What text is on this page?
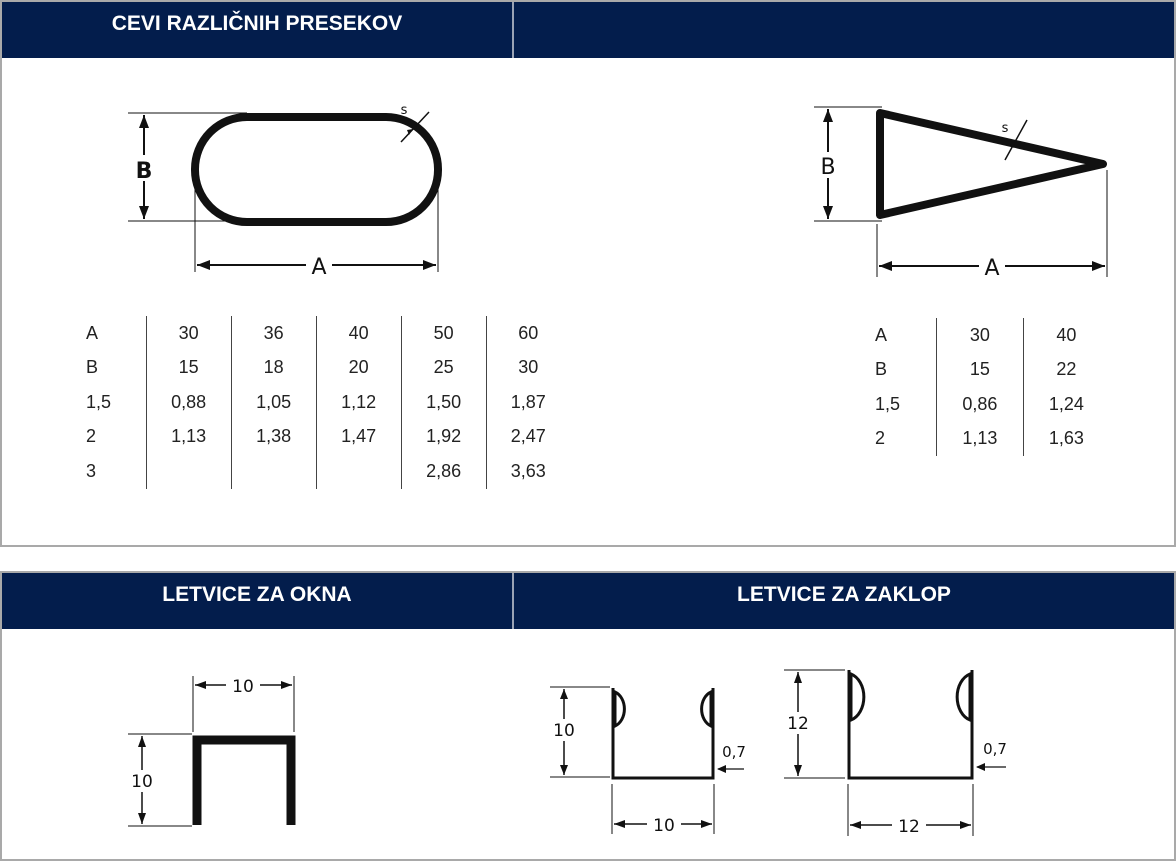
CEVI RAZLIČNIH PRESEKOV
B
A
s
A	30	36	40	50	60
B	15	18	20	25	30
1,5	0,88	1,05	1,12	1,50	1,87
2	1,13	1,38	1,47	1,92	2,47
3				2,86	3,63
B
A
s
A	30	40
B	15	22
1,5	0,86	1,24
2	1,13	1,63
LETVICE ZA OKNA	LETVICE ZA ZAKLOP
10
10
10
10
0,7
12
12
0,7
